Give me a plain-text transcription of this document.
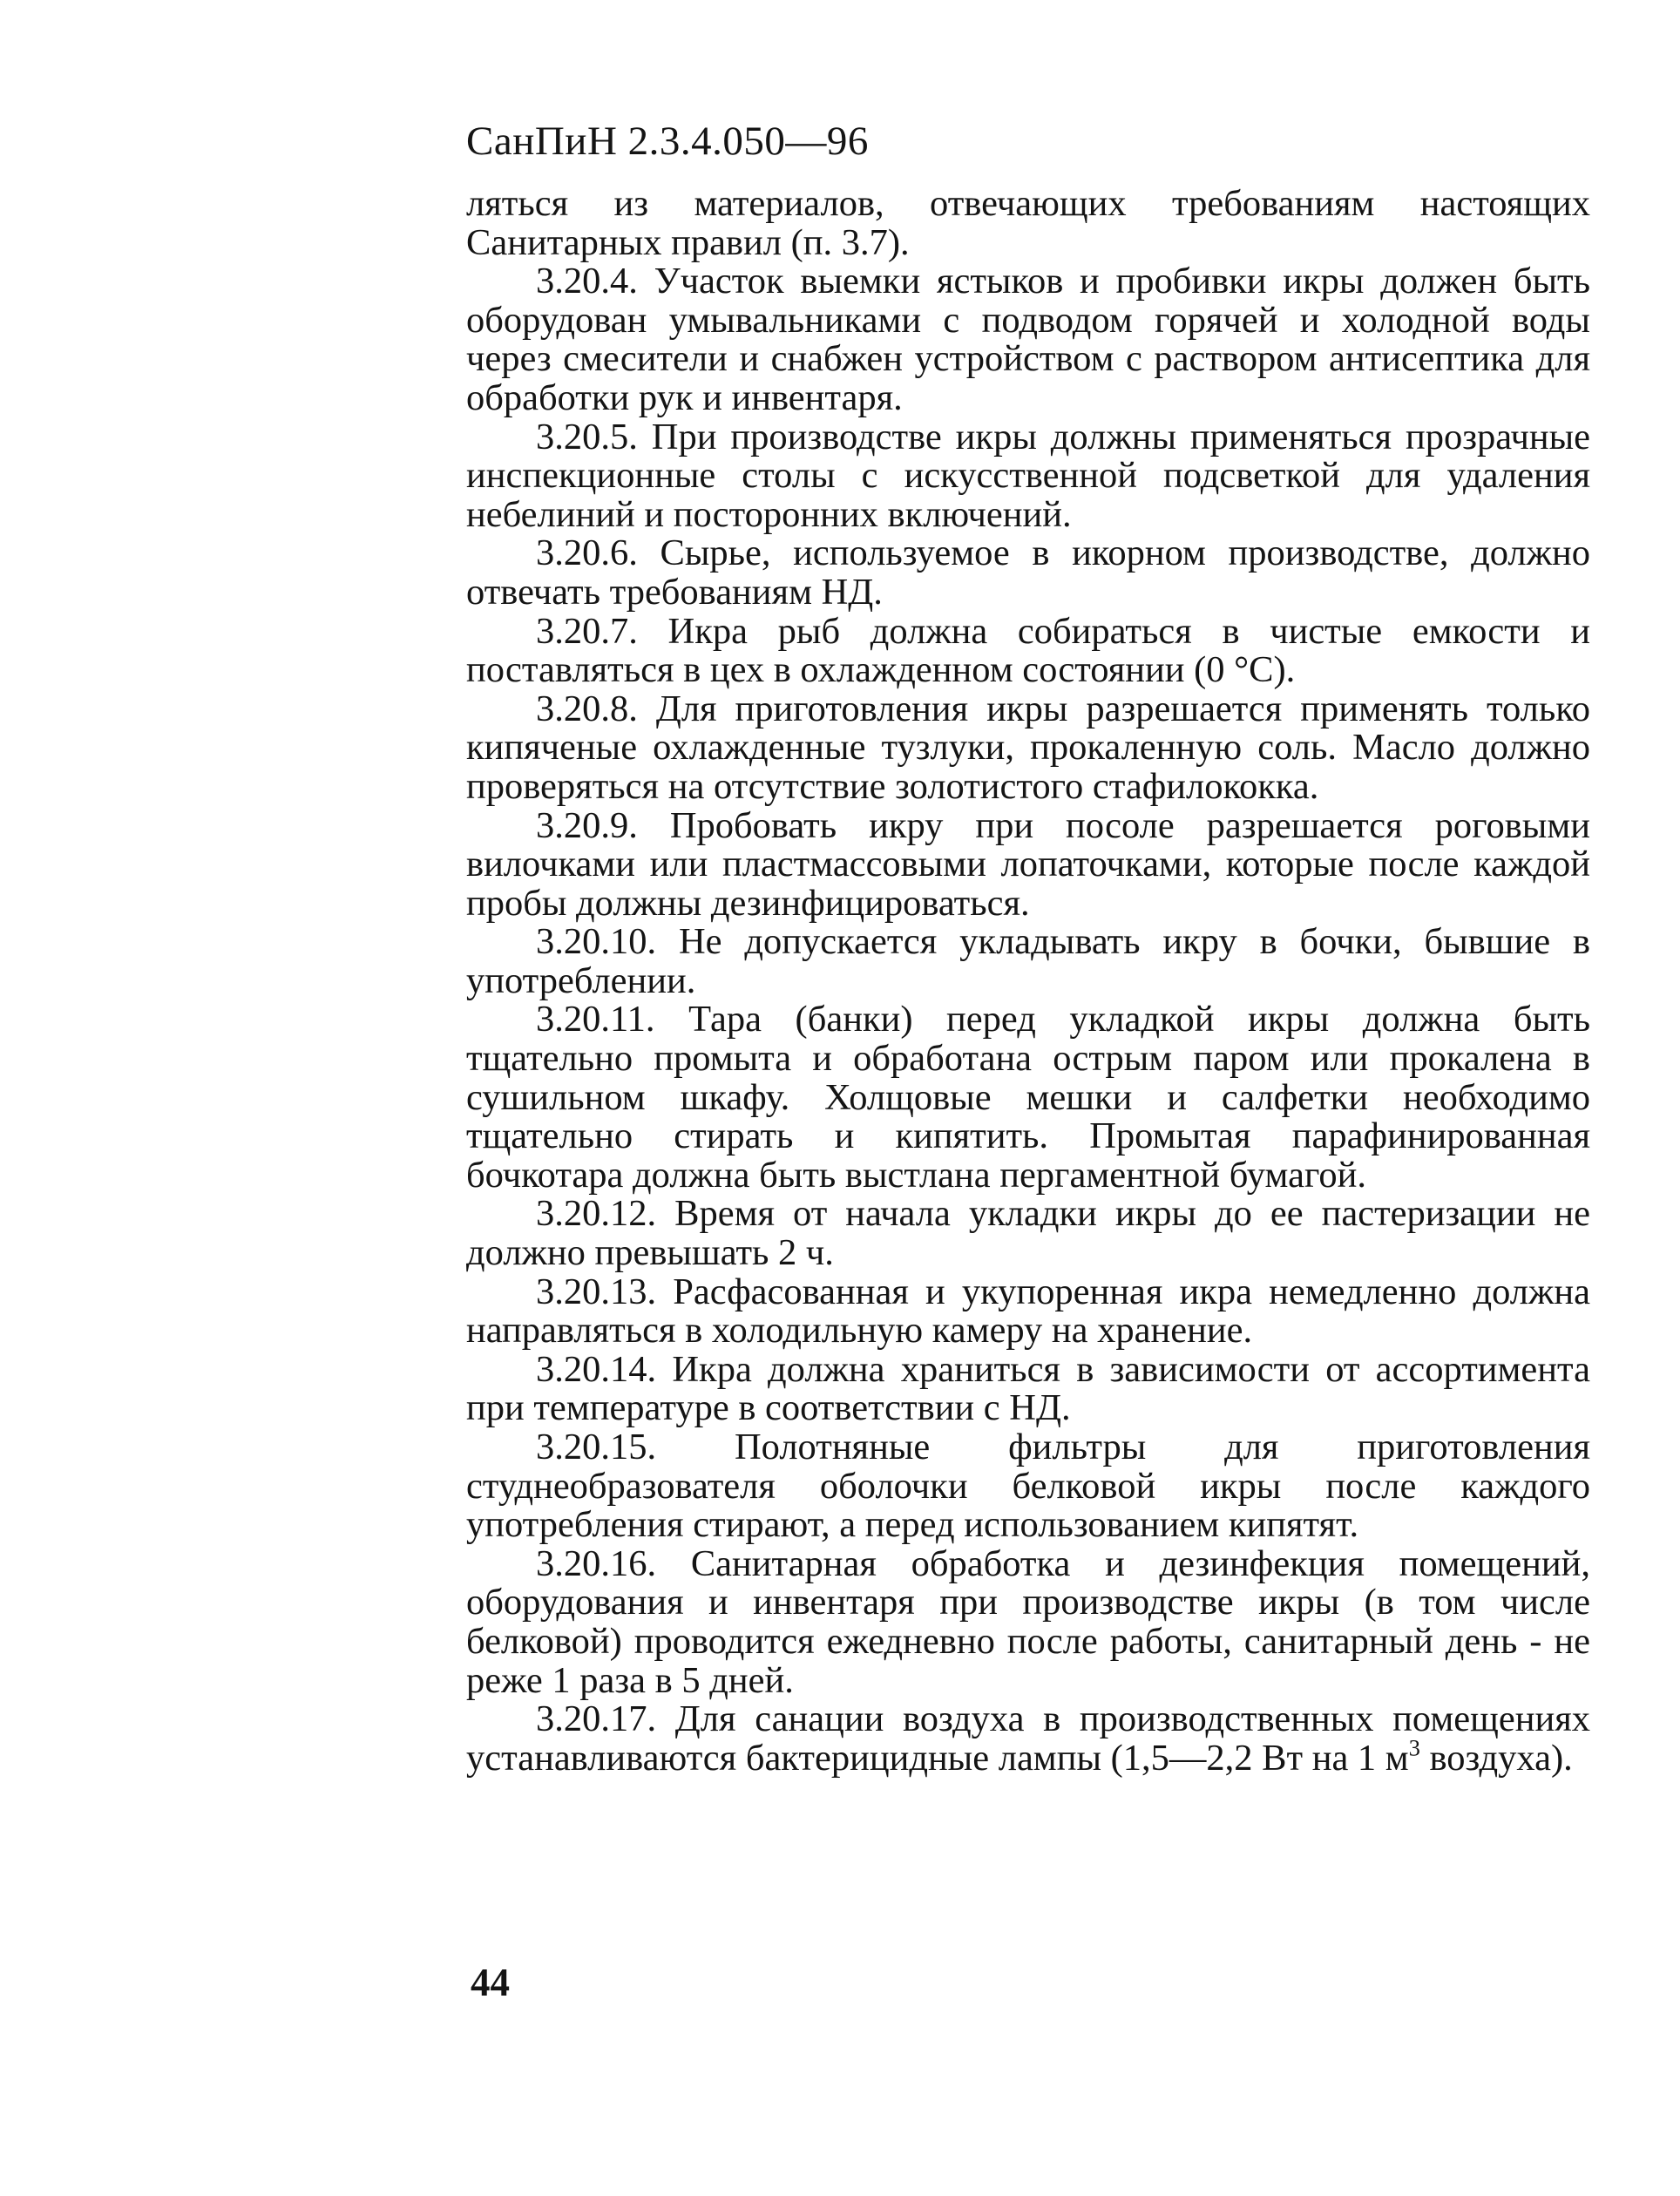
СанПиН 2.3.4.050—96

ляться из материалов, отвечающих требованиям настоящих Санитарных правил (п. 3.7).

3.20.4. Участок выемки ястыков и пробивки икры должен быть оборудован умывальниками с подводом горячей и холодной воды через смесители и снабжен устройством с раствором антисептика для обработки рук и инвентаря.

3.20.5. При производстве икры должны применяться прозрачные инспекционные столы с искусственной подсветкой для удаления небелиний и посторонних включений.

3.20.6. Сырье, используемое в икорном производстве, должно отвечать требованиям НД.

3.20.7. Икра рыб должна собираться в чистые емкости и поставляться в цех в охлажденном состоянии (0 °С).

3.20.8. Для приготовления икры разрешается применять только кипяченые охлажденные тузлуки, прокаленную соль. Масло должно проверяться на отсутствие золотистого стафилококка.

3.20.9. Пробовать икру при посоле разрешается роговыми вилочками или пластмассовыми лопаточками, которые после каждой пробы должны дезинфицироваться.

3.20.10. Не допускается укладывать икру в бочки, бывшие в употреблении.

3.20.11. Тара (банки) перед укладкой икры должна быть тщательно промыта и обработана острым паром или прокалена в сушильном шкафу. Холщовые мешки и салфетки необходимо тщательно стирать и кипятить. Промытая парафинированная бочкотара должна быть выстлана пергаментной бумагой.

3.20.12. Время от начала укладки икры до ее пастеризации не должно превышать 2 ч.

3.20.13. Расфасованная и укупоренная икра немедленно должна направляться в холодильную камеру на хранение.

3.20.14. Икра должна храниться в зависимости от ассортимента при температуре в соответствии с НД.

3.20.15. Полотняные фильтры для приготовления студнеобразователя оболочки белковой икры после каждого употребления стирают, а перед использованием кипятят.

3.20.16. Санитарная обработка и дезинфекция помещений, оборудования и инвентаря при производстве икры (в том числе белковой) проводится ежедневно после работы, санитарный день - не реже 1 раза в 5 дней.

3.20.17. Для санации воздуха в производственных помещениях устанавливаются бактерицидные лампы (1,5—2,2 Вт на 1 $м^3$ воздуха).

44
